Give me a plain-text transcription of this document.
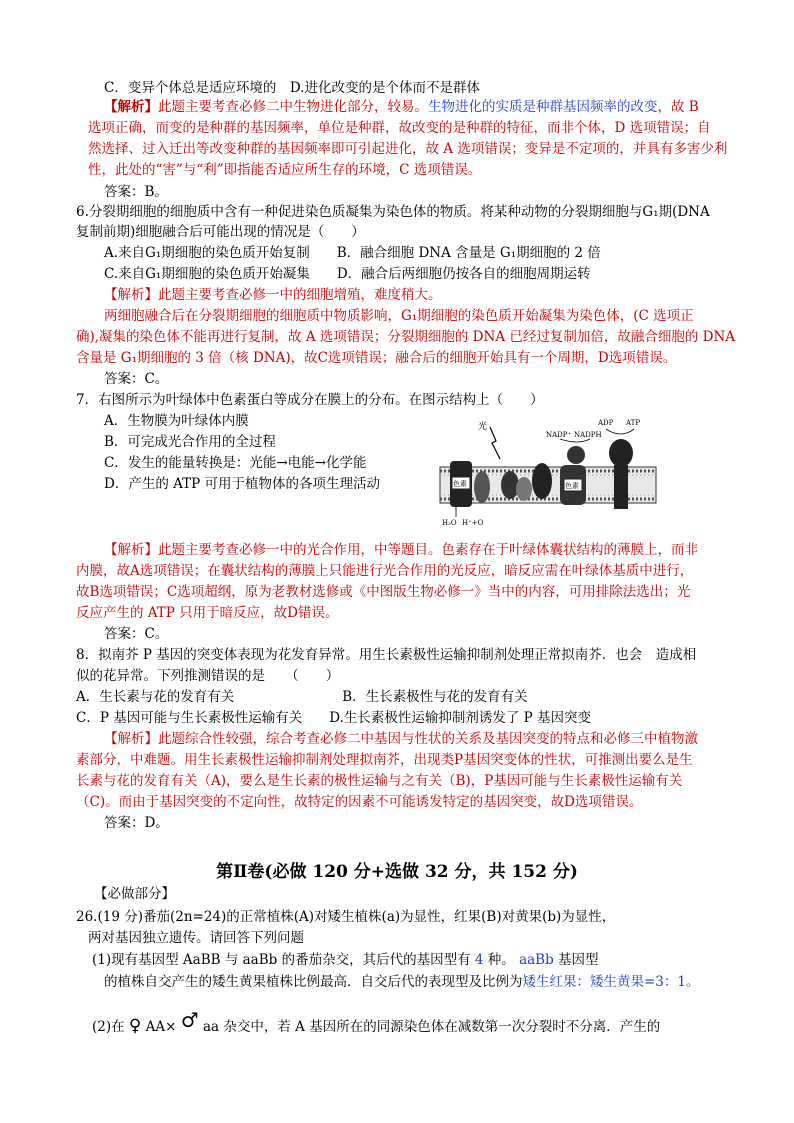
C．变异个体总是适应环境的　D.进化改变的是个体而不是群体
【解析】此题主要考查必修二中生物进化部分，较易。生物进化的实质是种群基因频率的改变，故 B
选项正确，而变的是种群的基因频率，单位是种群，故改变的是种群的特征，而非个体，D 选项错误；自
然选择、过入迁出等改变种群的基因频率即可引起进化，故 A 选项错误；变异是不定项的，并具有多害少利
性，此处的“害”与“利”即指能否适应所生存的环境，C 选项错误。
答案：B。
6.分裂期细胞的细胞质中含有一种促进染色质凝集为染色体的物质。将某种动物的分裂期细胞与G₁期(DNA
复制前期)细胞融合后可能出现的情况是（　　）
A.来自G₁期细胞的染色质开始复制　　B．融合细胞 DNA 含量是 G₁期细胞的 2 倍
C.来自G₁期细胞的染色质开始凝集　　D．融合后两细胞仍按各自的细胞周期运转
【解析】此题主要考查必修一中的细胞增殖，难度稍大。
两细胞融合后在分裂期细胞的细胞质中物质影响，G₁期细胞的染色质开始凝集为染色体，(C 选项正
确),凝集的染色体不能再进行复制，故 A 选项错误；分裂期细胞的 DNA 已经过复制加倍，故融合细胞的 DNA
含量是 G₁期细胞的 3 倍（核 DNA)，故C选项错误；融合后的细胞开始具有一个周期，D选项错误。
答案：C。
7．右图所示为叶绿体中色素蛋白等成分在膜上的分布。在图示结构上（　　）
A．生物膜为叶绿体内膜
B．可完成光合作用的全过程
C．发生的能量转换是：光能→电能→化学能
D．产生的 ATP 可用于植物体的各项生理活动
光
色素	色素
NADP⁺ NADPH
ADP ATP
H₂O H⁺+O
【解析】此题主要考查必修一中的光合作用，中等题目。色素存在于叶绿体囊状结构的薄膜上，而非
内膜，故A选项错误；在囊状结构的薄膜上只能进行光合作用的光反应，暗反应需在叶绿体基质中进行，
故B选项错误；C选项超纲，原为老教材选修或《中图版生物必修一》当中的内容，可用排除法选出；光
反应产生的 ATP 只用于暗反应，故D错误。
答案：C。
8．拟南芥 P 基因的突变体表现为花发育异常。用生长素极性运输抑制剂处理正常拟南芥．也会　造成相
似的花异常。下列推测错误的是　　（　　）
A．生长素与花的发育有关　　　　　　　　B．生长素极性与花的发育有关
C．P 基因可能与生长素极性运输有关　　D.生长素极性运输抑制剂诱发了 P 基因突变
【解析】此题综合性较强，综合考查必修二中基因与性状的关系及基因突变的特点和必修三中植物激
素部分，中难题。用生长素极性运输抑制剂处理拟南芥，出现类P基因突变体的性状，可推测出要么是生
长素与花的发育有关（A)，要么是生长素的极性运输与之有关（B)，P基因可能与生长素极性运输有关
（C)。而由于基因突变的不定向性，故特定的因素不可能诱发特定的基因突变，故D选项错误。
答案：D。
第Ⅱ卷(必做 120 分+选做 32 分，共 152 分)
【必做部分】
26.(19 分)番茄(2n=24)的正常植株(A)对矮生植株(a)为显性，红果(B)对黄果(b)为显性，
两对基因独立遗传。请回答下列问题
(1)现有基因型 AaBB 与 aaBb 的番茄杂交，其后代的基因型有 4 种。 aaBb 基因型
的植株自交产生的矮生黄果植株比例最高．自交后代的表现型及比例为矮生红果：矮生黄果=3：1。
(2)在 ♀ AA× ♂ aa 杂交中，若 A 基因所在的同源染色体在减数第一次分裂时不分离．产生的
